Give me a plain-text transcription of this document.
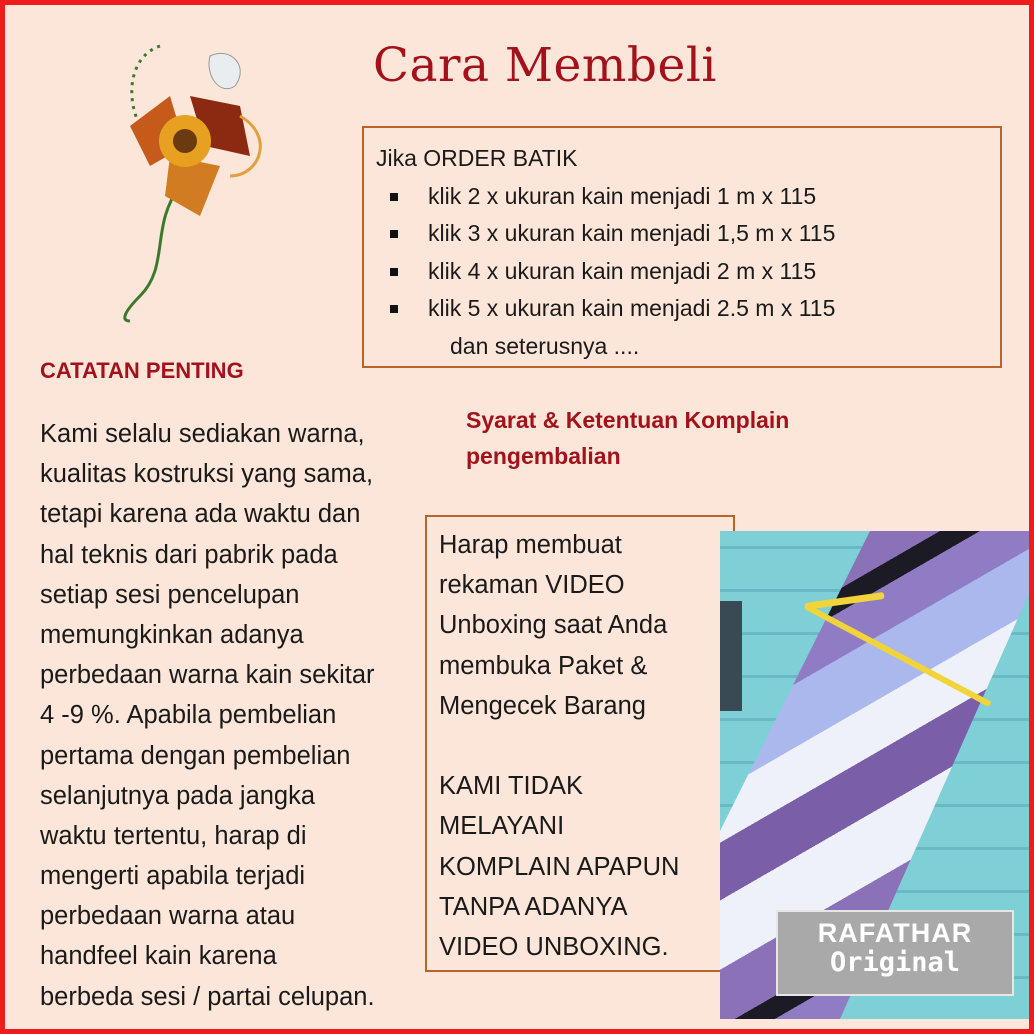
Cara Membeli
Jika ORDER BATIK
klik 2 x ukuran kain menjadi 1 m x 115
klik 3 x ukuran kain menjadi 1,5 m x 115
klik 4 x ukuran kain menjadi 2 m x 115
klik 5 x ukuran kain menjadi 2.5 m x 115
dan seterusnya ....
CATATAN PENTING
Kami selalu sediakan warna,
kualitas kostruksi yang sama,
tetapi karena ada waktu dan
hal teknis dari pabrik pada
setiap sesi pencelupan
memungkinkan adanya
perbedaan warna kain sekitar
4 -9 %. Apabila pembelian
pertama dengan pembelian
selanjutnya pada jangka
waktu tertentu, harap di
mengerti apabila terjadi
perbedaan warna atau
handfeel kain karena
berbeda sesi / partai celupan.
Syarat & Ketentuan Komplain
pengembalian
Harap membuat
rekaman VIDEO
Unboxing saat Anda
membuka Paket &
Mengecek Barang
KAMI TIDAK
MELAYANI
KOMPLAIN APAPUN
TANPA ADANYA
VIDEO UNBOXING.	RAFATHAR
Original
